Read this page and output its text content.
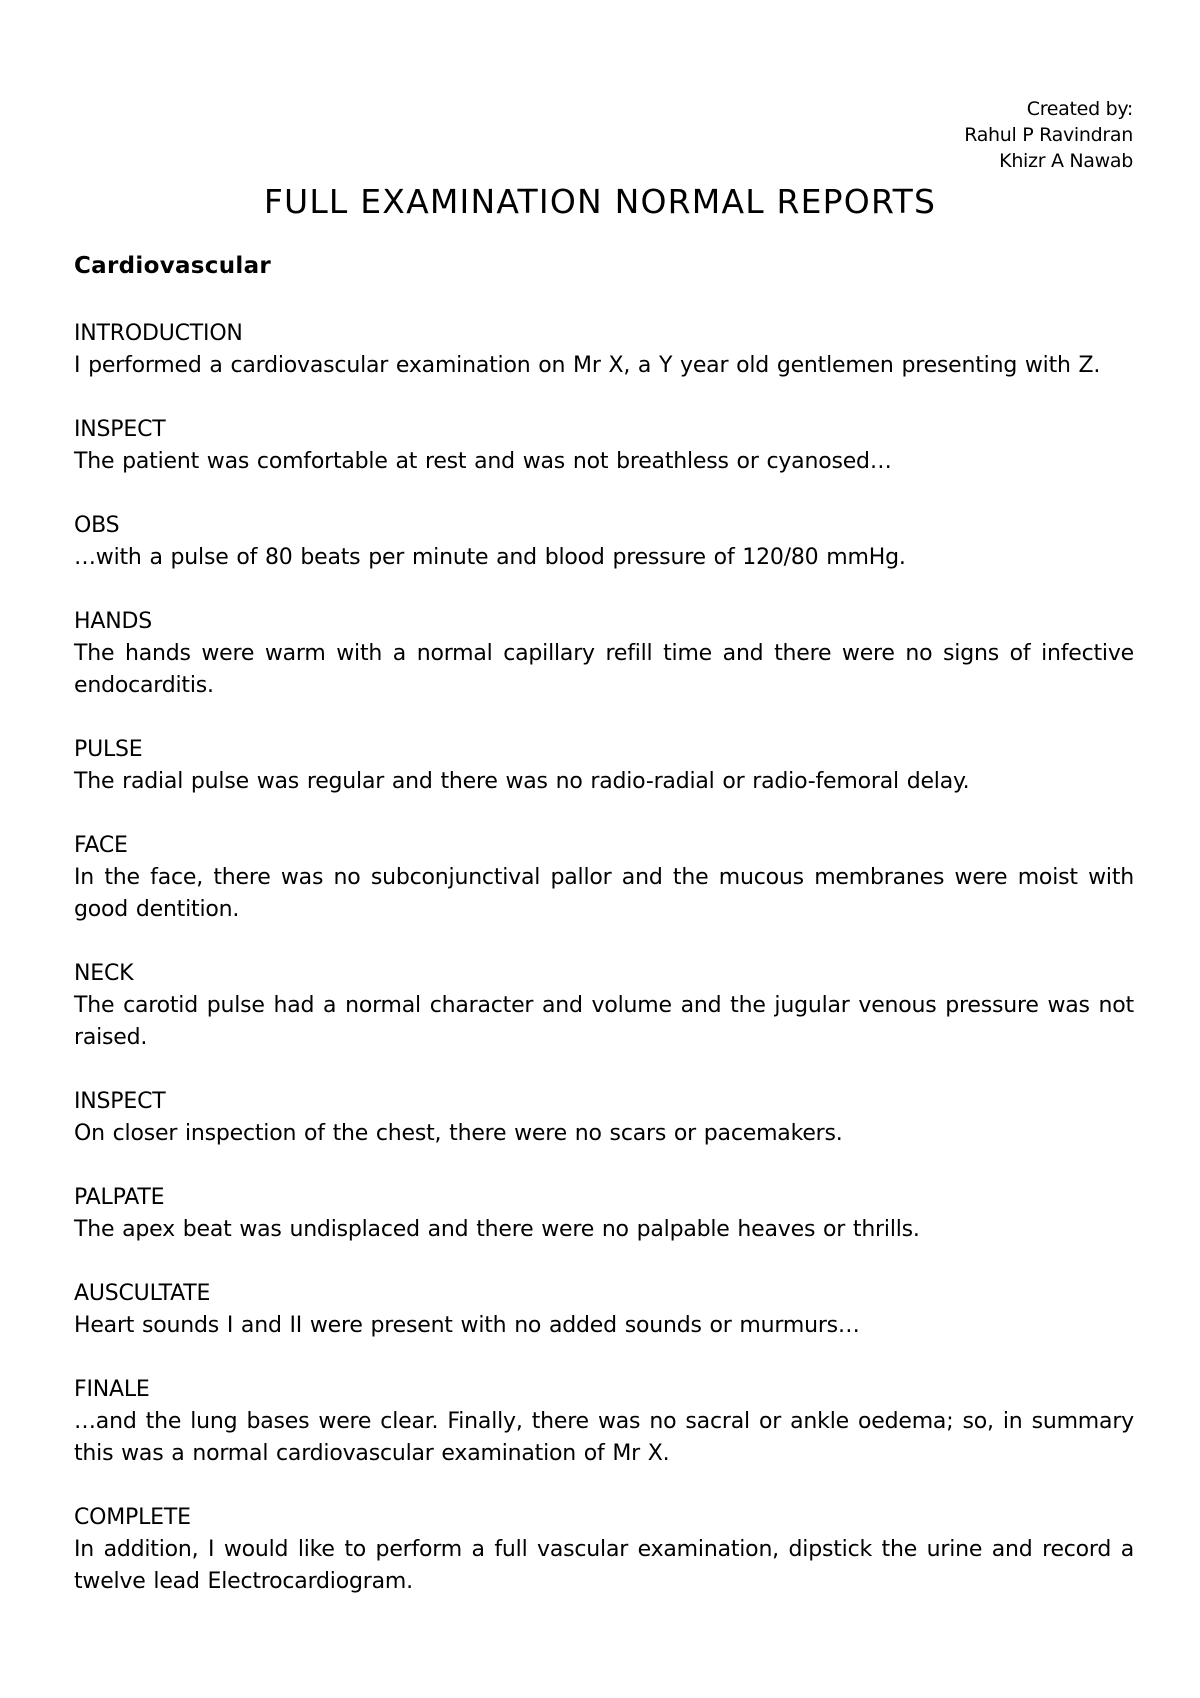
Created by:
Rahul P Ravindran
Khizr A Nawab
FULL EXAMINATION NORMAL REPORTS
Cardiovascular
INTRODUCTION
I performed a cardiovascular examination on Mr X, a Y year old gentlemen presenting with Z.
INSPECT
The patient was comfortable at rest and was not breathless or cyanosed…
OBS
…with a pulse of 80 beats per minute and blood pressure of 120/80 mmHg.
HANDS
The hands were warm with a normal capillary refill time and there were no signs of infective endocarditis.
PULSE
The radial pulse was regular and there was no radio-radial or radio-femoral delay.
FACE
In the face, there was no subconjunctival pallor and the mucous membranes were moist with good dentition.
NECK
The carotid pulse had a normal character and volume and the jugular venous pressure was not raised.
INSPECT
On closer inspection of the chest, there were no scars or pacemakers.
PALPATE
The apex beat was undisplaced and there were no palpable heaves or thrills.
AUSCULTATE
Heart sounds I and II were present with no added sounds or murmurs…
FINALE
…and the lung bases were clear. Finally, there was no sacral or ankle oedema; so, in summary this was a normal cardiovascular examination of Mr X.
COMPLETE
In addition, I would like to perform a full vascular examination, dipstick the urine and record a twelve lead Electrocardiogram.
